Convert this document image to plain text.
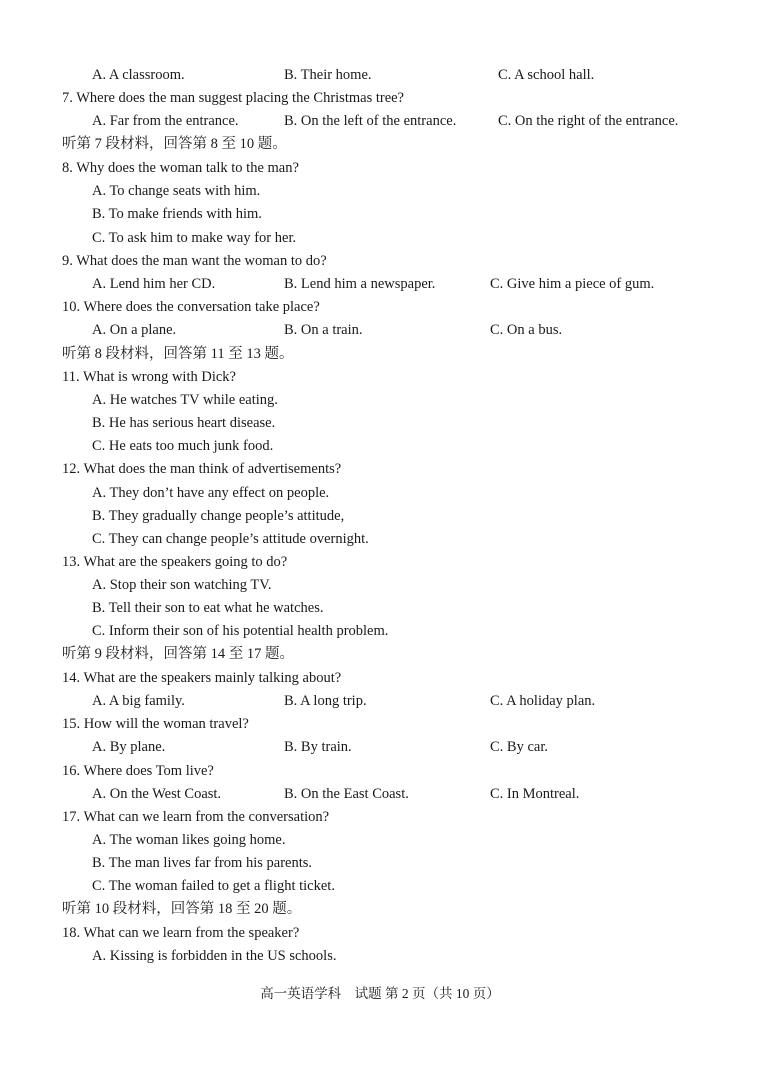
A. A classroom.	B. Their home.	C. A school hall.
7. Where does the man suggest placing the Christmas tree?
A. Far from the entrance.	B. On the left of the entrance.	C. On the right of the entrance.
听第 7 段材料，回答第 8 至 10 题。
8. Why does the woman talk to the man?
A. To change seats with him.
B. To make friends with him.
C. To ask him to make way for her.
9. What does the man want the woman to do?
A. Lend him her CD.	B. Lend him a newspaper.	C. Give him a piece of gum.
10. Where does the conversation take place?
A. On a plane.	B. On a train.	C. On a bus.
听第 8 段材料，回答第 11 至 13 题。
11. What is wrong with Dick?
A. He watches TV while eating.
B. He has serious heart disease.
C. He eats too much junk food.
12. What does the man think of advertisements?
A. They don’t have any effect on people.
B. They gradually change people’s attitude,
C. They can change people’s attitude overnight.
13. What are the speakers going to do?
A. Stop their son watching TV.
B. Tell their son to eat what he watches.
C. Inform their son of his potential health problem.
听第 9 段材料，回答第 14 至 17 题。
14. What are the speakers mainly talking about?
A. A big family.	B. A long trip.	C. A holiday plan.
15. How will the woman travel?
A. By plane.	B. By train.	C. By car.
16. Where does Tom live?
A. On the West Coast.	B. On the East Coast.	C. In Montreal.
17. What can we learn from the conversation?
A. The woman likes going home.
B. The man lives far from his parents.
C. The woman failed to get a flight ticket.
听第 10 段材料，回答第 18 至 20 题。
18. What can we learn from the speaker?
A. Kissing is forbidden in the US schools.
高一英语学科　试题 第 2 页（共 10 页）
